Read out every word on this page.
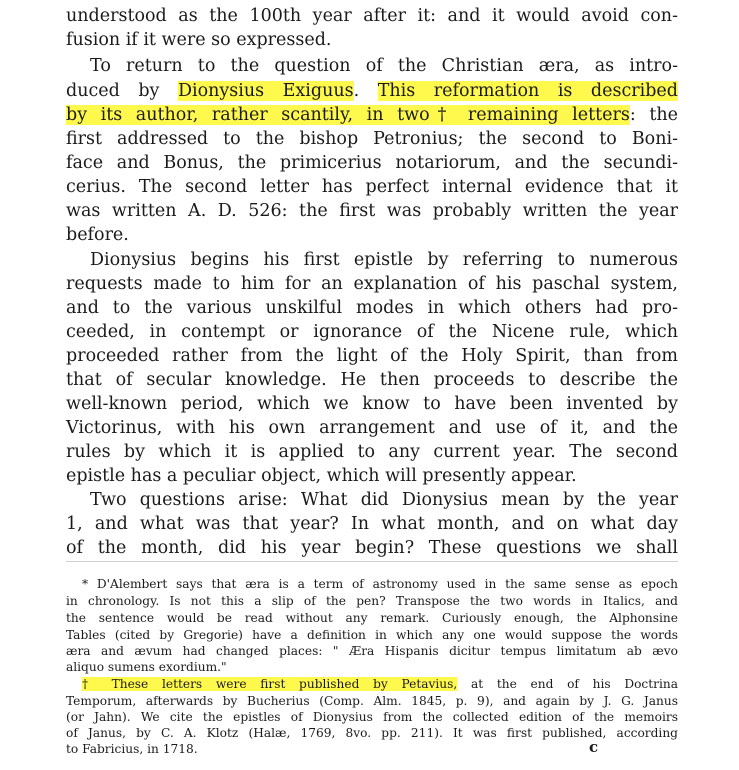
understood as the 100th year after it: and it would avoid con-
fusion if it were so expressed.
To return to the question of the Christian æra, as intro-
duced by Dionysius Exiguus. This reformation is described
by its author, rather scantily, in two† remaining letters: the
first addressed to the bishop Petronius; the second to Boni-
face and Bonus, the primicerius notariorum, and the secundi-
cerius. The second letter has perfect internal evidence that it
was written A. D. 526: the first was probably written the year
before.
Dionysius begins his first epistle by referring to numerous
requests made to him for an explanation of his paschal system,
and to the various unskilful modes in which others had pro-
ceeded, in contempt or ignorance of the Nicene rule, which
proceeded rather from the light of the Holy Spirit, than from
that of secular knowledge. He then proceeds to describe the
well-known period, which we know to have been invented by
Victorinus, with his own arrangement and use of it, and the
rules by which it is applied to any current year. The second
epistle has a peculiar object, which will presently appear.
Two questions arise: What did Dionysius mean by the year
1, and what was that year? In what month, and on what day
of the month, did his year begin? These questions we shall
* D'Alembert says that æra is a term of astronomy used in the same sense as epoch
in chronology. Is not this a slip of the pen? Transpose the two words in Italics, and
the sentence would be read without any remark. Curiously enough, the Alphonsine
Tables (cited by Gregorie) have a definition in which any one would suppose the words
æra and ævum had changed places: " Æra Hispanis dicitur tempus limitatum ab ævo
aliquo sumens exordium."
† These letters were first published by Petavius, at the end of his Doctrina
Temporum, afterwards by Bucherius (Comp. Alm. 1845, p. 9), and again by J. G. Janus
(or Jahn). We cite the epistles of Dionysius from the collected edition of the memoirs
of Janus, by C. A. Klotz (Halæ, 1769, 8vo. pp. 211). It was first published, according
to Fabricius, in 1718.	c
